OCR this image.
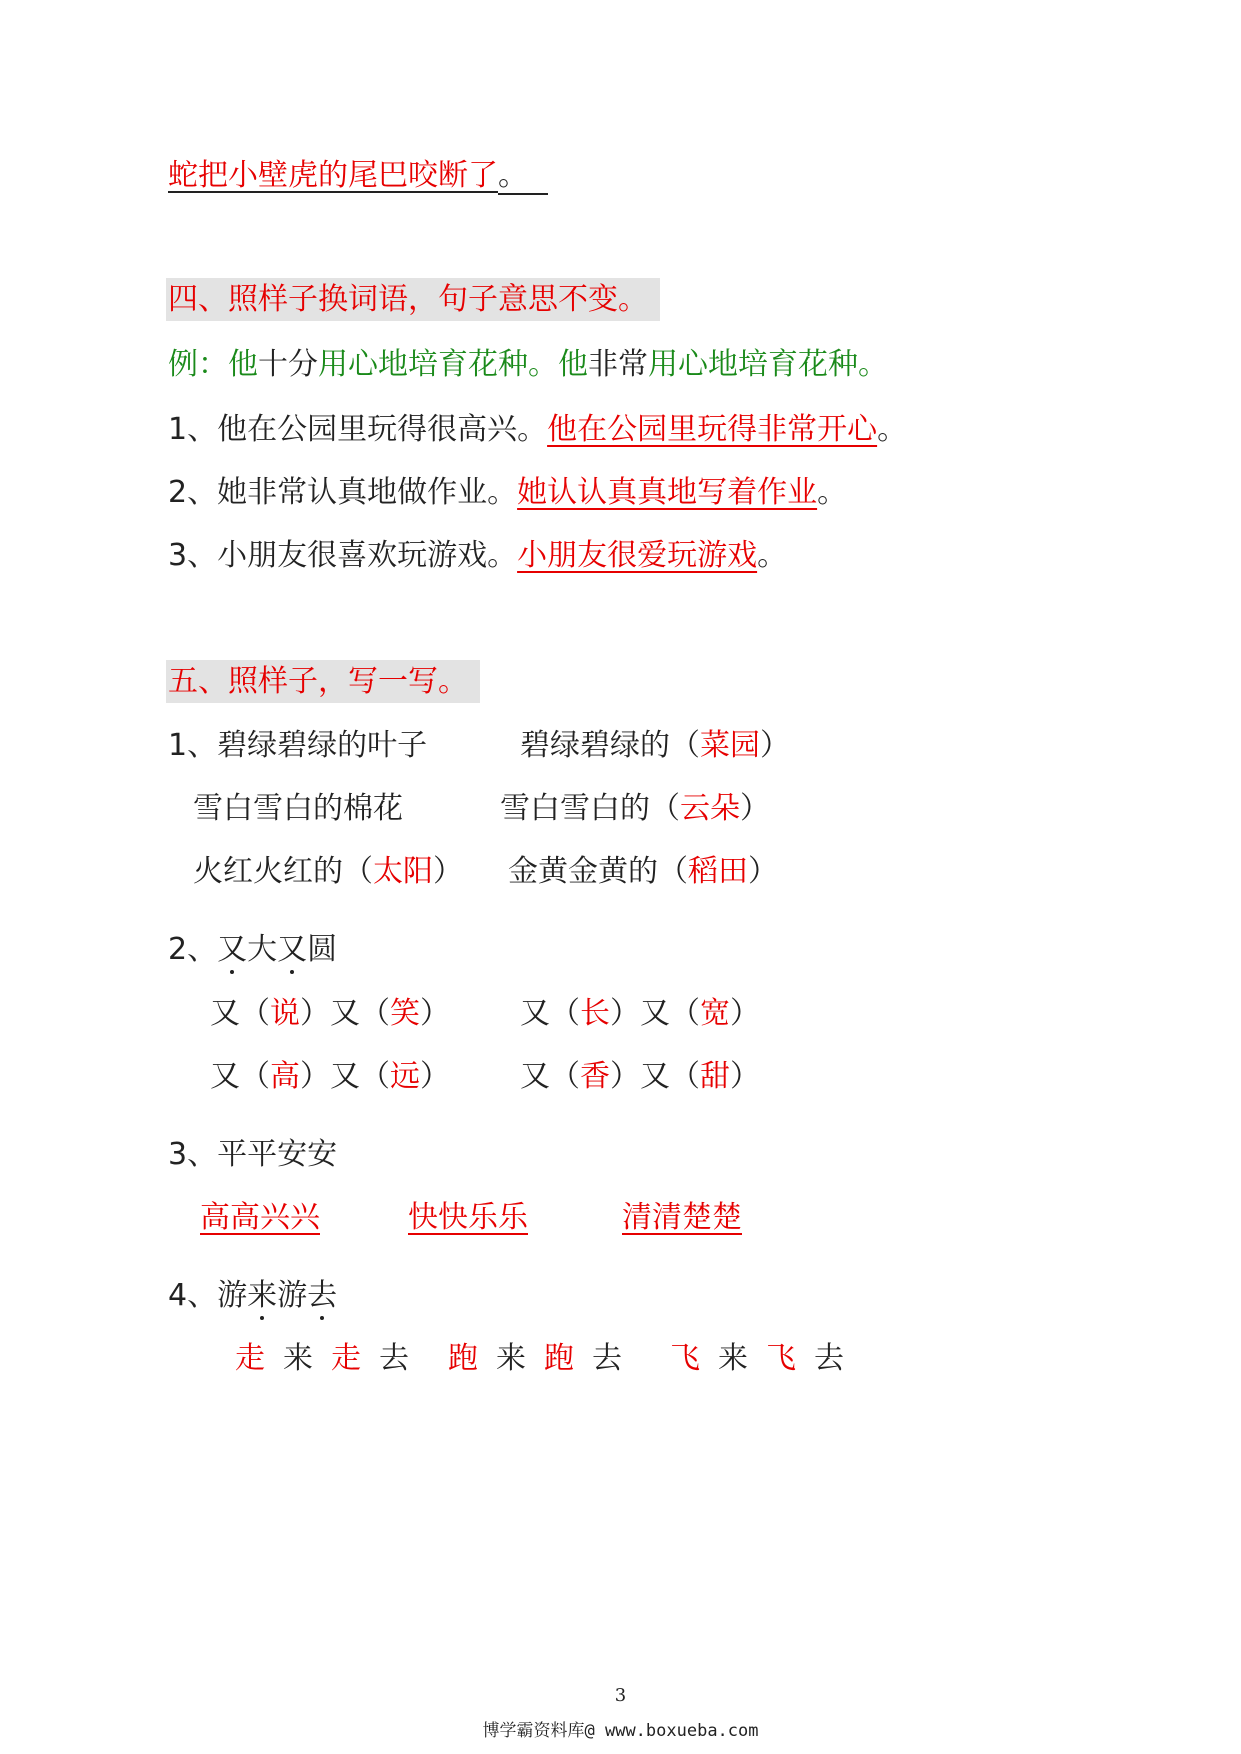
蛇把小壁虎的尾巴咬断了。
四、照样子换词语，句子意思不变。
例：他十分用心地培育花种。他非常用心地培育花种。
1、他在公园里玩得很高兴。他在公园里玩得非常开心。
2、她非常认真地做作业。她认认真真地写着作业。
3、小朋友很喜欢玩游戏。小朋友很爱玩游戏。
五、照样子，写一写。
1、碧绿碧绿的叶子	碧绿碧绿的（菜园）
雪白雪白的棉花	雪白雪白的（云朵）
火红火红的（太阳） 金黄金黄的（稻田）
2、又大又圆
又（说）又（笑） 又（长）又（宽）
又（高）又（远） 又（香）又（甜）
3、平平安安
高高兴兴	快快乐乐	清清楚楚
4、游来游去
走 来 走 去	跑 来 跑 去	飞 来 飞 去
3
博学霸资料库@ www.boxueba.com
